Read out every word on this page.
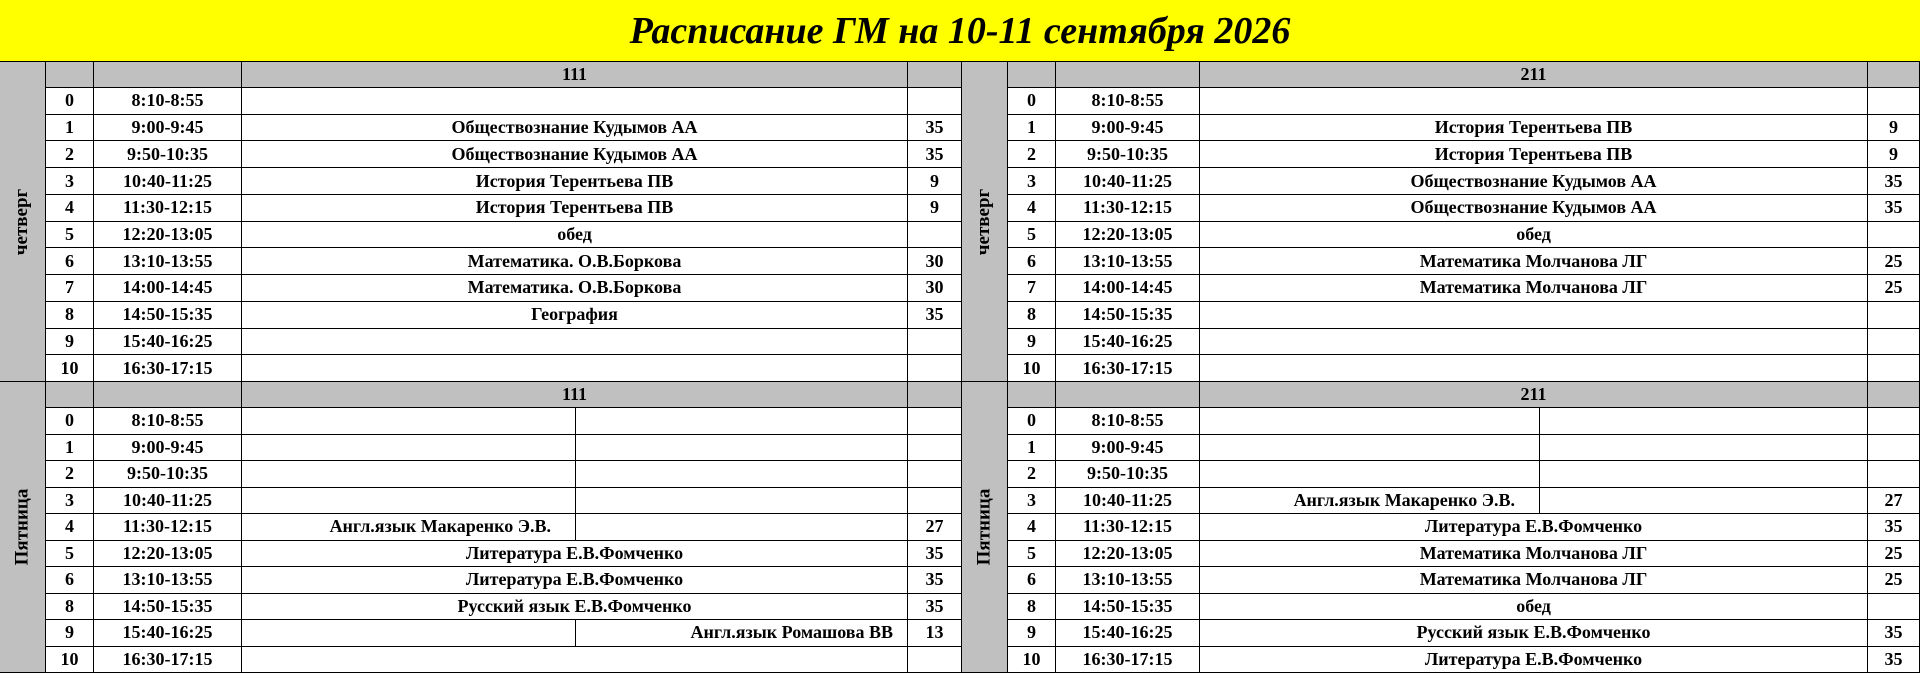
Расписание ГМ на 10-11 сентября 2026
111
четверг
0	8:10-8:55
1	9:00-9:45	Обществознание Кудымов АА	35
2	9:50-10:35	Обществознание Кудымов АА	35
3	10:40-11:25	История Терентьева ПВ	9
4	11:30-12:15	История Терентьева ПВ	9
5	12:20-13:05	обед
6	13:10-13:55	Математика. О.В.Боркова	30
7	14:00-14:45	Математика. О.В.Боркова	30
8	14:50-15:35	География	35
9	15:40-16:25
10	16:30-17:15
211
четверг
0	8:10-8:55
1	9:00-9:45	История Терентьева ПВ	9
2	9:50-10:35	История Терентьева ПВ	9
3	10:40-11:25	Обществознание Кудымов АА	35
4	11:30-12:15	Обществознание Кудымов АА	35
5	12:20-13:05	обед
6	13:10-13:55	Математика Молчанова ЛГ	25
7	14:00-14:45	Математика Молчанова ЛГ	25
8	14:50-15:35
9	15:40-16:25
10	16:30-17:15
111
Пятница
0	8:10-8:55
1	9:00-9:45
2	9:50-10:35
3	10:40-11:25
4	11:30-12:15	Англ.язык Макаренко Э.В.	27
5	12:20-13:05	Литература Е.В.Фомченко	35
6	13:10-13:55	Литература Е.В.Фомченко	35
8	14:50-15:35	Русский язык Е.В.Фомченко	35
9	15:40-16:25	Англ.язык Ромашова ВВ	13
10	16:30-17:15
211
Пятница
0	8:10-8:55
1	9:00-9:45
2	9:50-10:35
3	10:40-11:25	Англ.язык Макаренко Э.В.	27
4	11:30-12:15	Литература Е.В.Фомченко	35
5	12:20-13:05	Математика Молчанова ЛГ	25
6	13:10-13:55	Математика Молчанова ЛГ	25
8	14:50-15:35	обед
9	15:40-16:25	Русский язык Е.В.Фомченко	35
10	16:30-17:15	Литература Е.В.Фомченко	35
